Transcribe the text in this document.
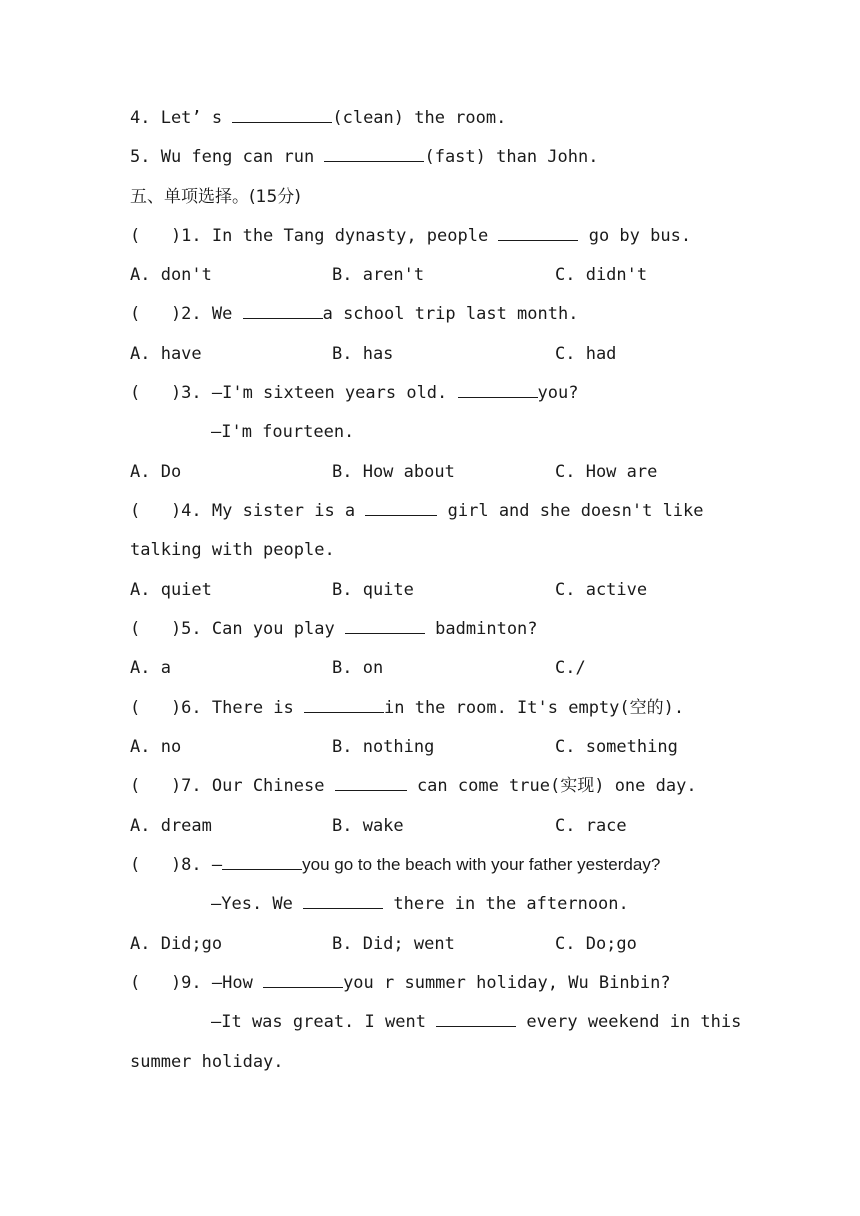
4. Let’ s	(clean) the room.
5. Wu feng can run	(fast) than John.
五、单项选择。(15分)
(   )1. In the Tang dynasty, people	go by bus.
A. don't	B. aren't	C. didn't
(   )2. We	a school trip last month.
A. have	B. has	C. had
(   )3. —I'm sixteen years old.	you?
—I'm fourteen.
A. Do	B. How about	C. How are
(   )4. My sister is a	girl and she doesn't like
talking with people.
A. quiet	B. quite	C. active
(   )5. Can you play	badminton?
A. a	B. on	C./
(   )6. There is	in the room. It's empty(空的).
A. no	B. nothing	C. something
(   )7. Our Chinese	can come true(实现) one day.
A. dream	B. wake	C. race
(   )8. —	you go to the beach with your father yesterday?
—Yes. We	there in the afternoon.
A. Did;go	B. Did; went	C. Do;go
(   )9. —How	you r summer holiday, Wu Binbin?
—It was great. I went	every weekend in this
summer holiday.
